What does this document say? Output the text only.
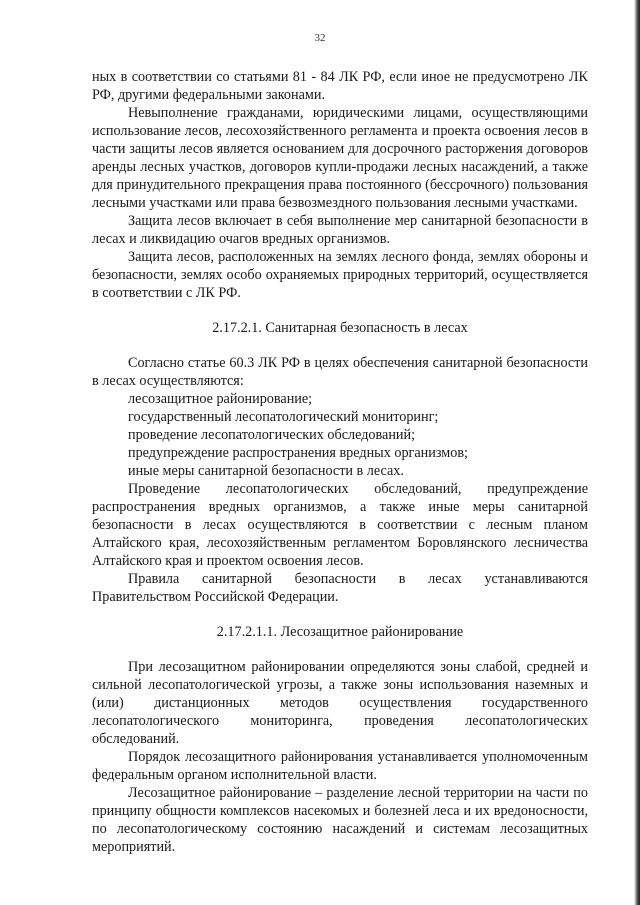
32

ных в соответствии со статьями 81 - 84 ЛК РФ, если иное не предусмотрено ЛК РФ, другими федеральными законами.

Невыполнение гражданами, юридическими лицами, осуществляющими использование лесов, лесохозяйственного регламента и проекта освоения лесов в части защиты лесов является основанием для досрочного расторжения договоров аренды лесных участков, договоров купли-продажи лесных насаждений, а также для принудительного прекращения права постоянного (бессрочного) пользования лесными участками или права безвозмездного пользования лесными участками.

Защита лесов включает в себя выполнение мер санитарной безопасности в лесах и ликвидацию очагов вредных организмов.

Защита лесов, расположенных на землях лесного фонда, землях обороны и безопасности, землях особо охраняемых природных территорий, осуществляется в соответствии с ЛК РФ.

2.17.2.1. Санитарная безопасность в лесах

Согласно статье 60.3 ЛК РФ в целях обеспечения санитарной безопасности в лесах осуществляются:

лесозащитное районирование;

государственный лесопатологический мониторинг;

проведение лесопатологических обследований;

предупреждение распространения вредных организмов;

иные меры санитарной безопасности в лесах.

Проведение лесопатологических обследований, предупреждение распространения вредных организмов, а также иные меры санитарной безопасности в лесах осуществляются в соответствии с лесным планом Алтайского края, лесохозяйственным регламентом Боровлянского лесничества Алтайского края и проектом освоения лесов.

Правила санитарной безопасности в лесах устанавливаются Правительством Российской Федерации.

2.17.2.1.1. Лесозащитное районирование

При лесозащитном районировании определяются зоны слабой, средней и сильной лесопатологической угрозы, а также зоны использования наземных и (или) дистанционных методов осуществления государственного лесопатологического мониторинга, проведения лесопатологических обследований.

Порядок лесозащитного районирования устанавливается уполномоченным федеральным органом исполнительной власти.

Лесозащитное районирование – разделение лесной территории на части по принципу общности комплексов насекомых и болезней леса и их вредоносности, по лесопатологическому состоянию насаждений и системам лесозащитных мероприятий.
